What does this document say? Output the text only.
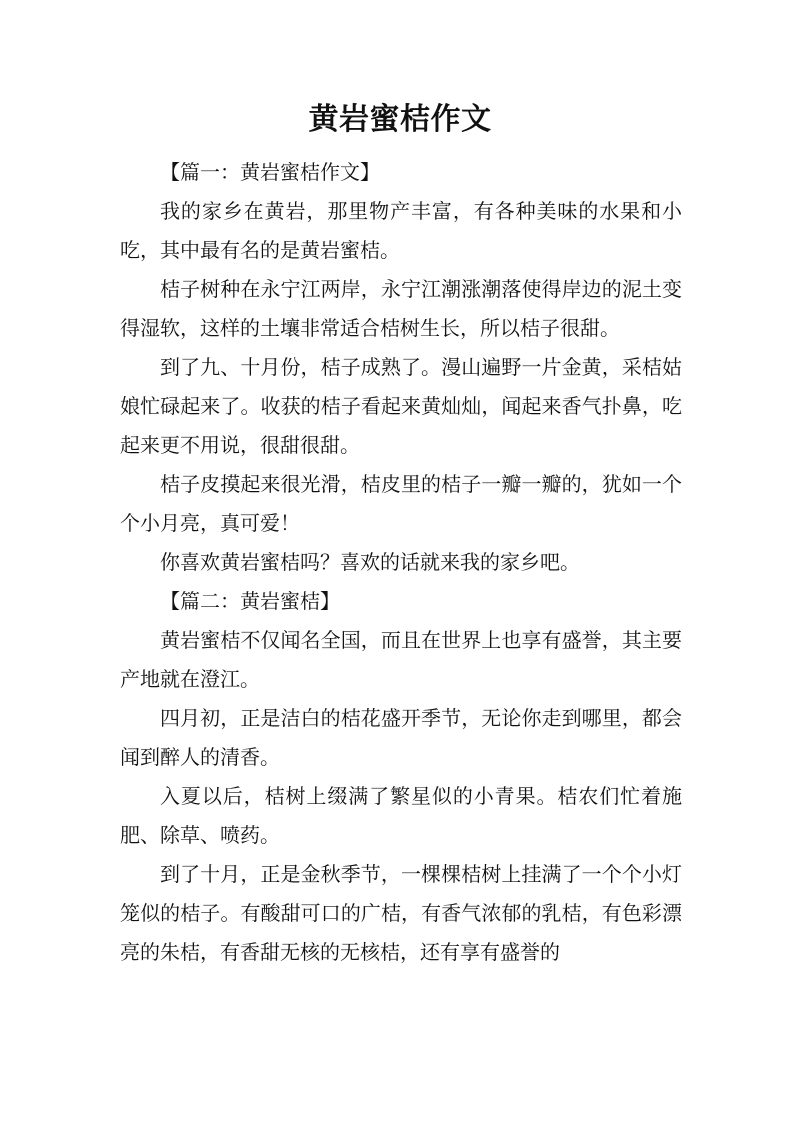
黄岩蜜桔作文

【篇一：黄岩蜜桔作文】

我的家乡在黄岩，那里物产丰富，有各种美味的水果和小吃，其中最有名的是黄岩蜜桔。

桔子树种在永宁江两岸，永宁江潮涨潮落使得岸边的泥土变得湿软，这样的土壤非常适合桔树生长，所以桔子很甜。

到了九、十月份，桔子成熟了。漫山遍野一片金黄，采桔姑娘忙碌起来了。收获的桔子看起来黄灿灿，闻起来香气扑鼻，吃起来更不用说，很甜很甜。

桔子皮摸起来很光滑，桔皮里的桔子一瓣一瓣的，犹如一个个小月亮，真可爱！

你喜欢黄岩蜜桔吗？喜欢的话就来我的家乡吧。

【篇二：黄岩蜜桔】

黄岩蜜桔不仅闻名全国，而且在世界上也享有盛誉，其主要产地就在澄江。

四月初，正是洁白的桔花盛开季节，无论你走到哪里，都会闻到醉人的清香。

入夏以后，桔树上缀满了繁星似的小青果。桔农们忙着施肥、除草、喷药。

到了十月，正是金秋季节，一棵棵桔树上挂满了一个个小灯笼似的桔子。有酸甜可口的广桔，有香气浓郁的乳桔，有色彩漂亮的朱桔，有香甜无核的无核桔，还有享有盛誉的
